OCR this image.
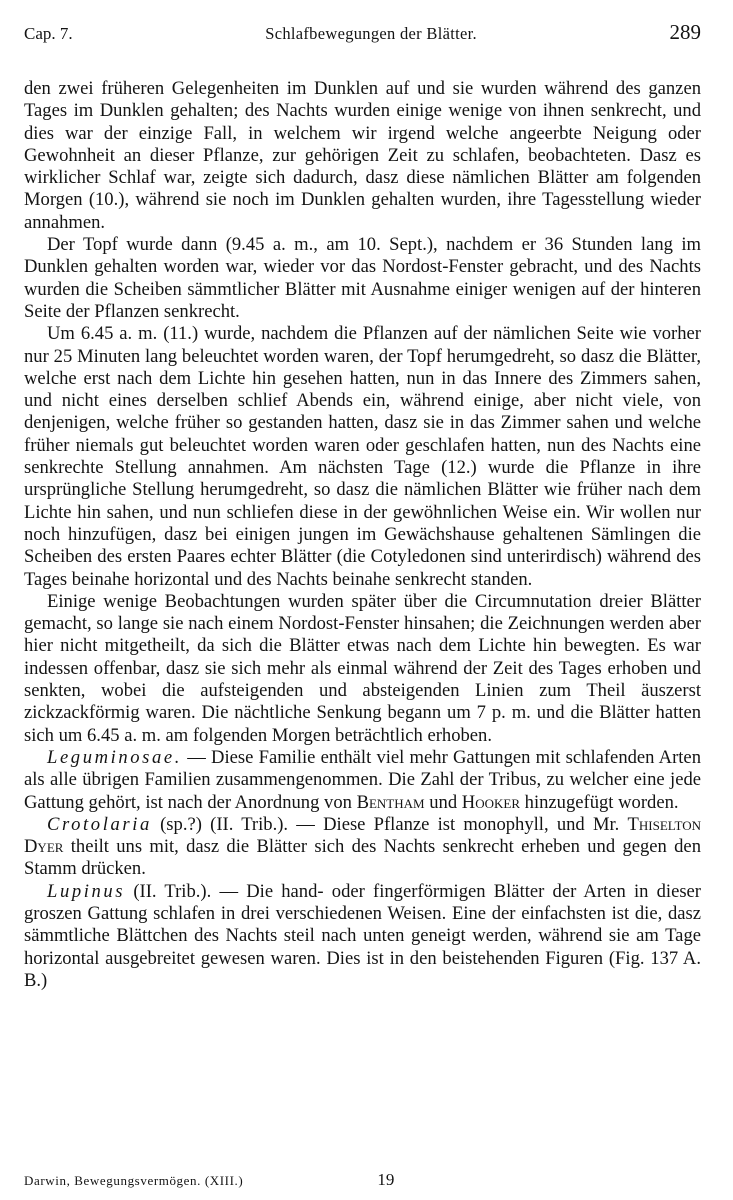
Cap. 7.	Schlafbewegungen der Blätter.	289

den zwei früheren Gelegenheiten im Dunklen auf und sie wurden während des ganzen Tages im Dunklen gehalten; des Nachts wurden einige wenige von ihnen senkrecht, und dies war der einzige Fall, in welchem wir irgend welche angeerbte Neigung oder Gewohnheit an dieser Pflanze, zur gehörigen Zeit zu schlafen, beobachteten. Dasz es wirklicher Schlaf war, zeigte sich dadurch, dasz diese nämlichen Blätter am folgenden Morgen (10.), während sie noch im Dunklen gehalten wurden, ihre Tagesstellung wieder annahmen.

Der Topf wurde dann (9.45 a. m., am 10. Sept.), nachdem er 36 Stunden lang im Dunklen gehalten worden war, wieder vor das Nordost-Fenster gebracht, und des Nachts wurden die Scheiben sämmtlicher Blätter mit Ausnahme einiger wenigen auf der hinteren Seite der Pflanzen senkrecht.

Um 6.45 a. m. (11.) wurde, nachdem die Pflanzen auf der nämlichen Seite wie vorher nur 25 Minuten lang beleuchtet worden waren, der Topf herumgedreht, so dasz die Blätter, welche erst nach dem Lichte hin gesehen hatten, nun in das Innere des Zimmers sahen, und nicht eines derselben schlief Abends ein, während einige, aber nicht viele, von denjenigen, welche früher so gestanden hatten, dasz sie in das Zimmer sahen und welche früher niemals gut beleuchtet worden waren oder geschlafen hatten, nun des Nachts eine senkrechte Stellung annahmen. Am nächsten Tage (12.) wurde die Pflanze in ihre ursprüngliche Stellung herumgedreht, so dasz die nämlichen Blätter wie früher nach dem Lichte hin sahen, und nun schliefen diese in der gewöhnlichen Weise ein. Wir wollen nur noch hinzufügen, dasz bei einigen jungen im Gewächshause gehaltenen Sämlingen die Scheiben des ersten Paares echter Blätter (die Cotyledonen sind unterirdisch) während des Tages beinahe horizontal und des Nachts beinahe senkrecht standen.

Einige wenige Beobachtungen wurden später über die Circumnutation dreier Blätter gemacht, so lange sie nach einem Nordost-Fenster hinsahen; die Zeichnungen werden aber hier nicht mitgetheilt, da sich die Blätter etwas nach dem Lichte hin bewegten. Es war indessen offenbar, dasz sie sich mehr als einmal während der Zeit des Tages erhoben und senkten, wobei die aufsteigenden und absteigenden Linien zum Theil äuszerst zickzackförmig waren. Die nächtliche Senkung begann um 7 p. m. und die Blätter hatten sich um 6.45 a. m. am folgenden Morgen beträchtlich erhoben.

Leguminosae. — Diese Familie enthält viel mehr Gattungen mit schlafenden Arten als alle übrigen Familien zusammengenommen. Die Zahl der Tribus, zu welcher eine jede Gattung gehört, ist nach der Anordnung von Bentham und Hooker hinzugefügt worden.

Crotolaria (sp.?) (II. Trib.). — Diese Pflanze ist monophyll, und Mr. Thiselton Dyer theilt uns mit, dasz die Blätter sich des Nachts senkrecht erheben und gegen den Stamm drücken.

Lupinus (II. Trib.). — Die hand- oder fingerförmigen Blätter der Arten in dieser groszen Gattung schlafen in drei verschiedenen Weisen. Eine der einfachsten ist die, dasz sämmtliche Blättchen des Nachts steil nach unten geneigt werden, während sie am Tage horizontal ausgebreitet gewesen waren. Dies ist in den beistehenden Figuren (Fig. 137 A. B.)

Darwin, Bewegungsvermögen. (XIII.)	19
